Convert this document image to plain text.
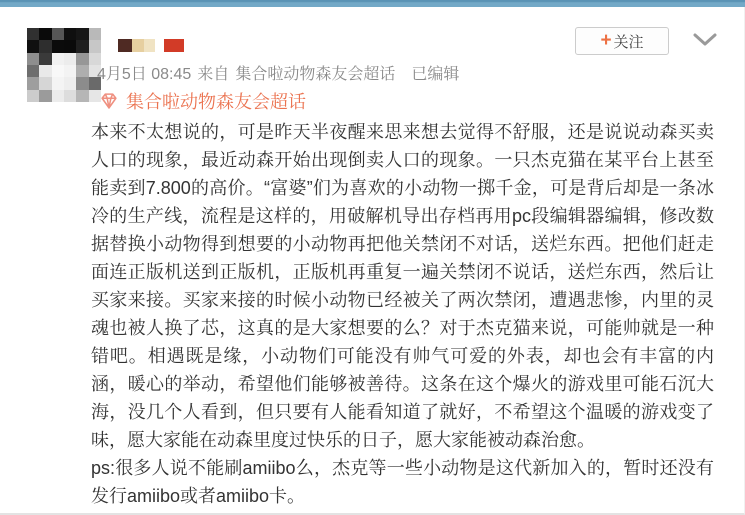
4月5日 08:45 来自 集合啦动物森友会超话 已编辑
集合啦动物森友会超话
+ 关注

本来不太想说的，可是昨天半夜醒来思来想去觉得不舒服，还是说说动森买卖人口的现象，最近动森开始出现倒卖人口的现象。一只杰克猫在某平台上甚至能卖到7.800的高价。“富婆”们为喜欢的小动物一掷千金，可是背后却是一条冰冷的生产线，流程是这样的，用破解机导出存档再用pc段编辑器编辑，修改数据替换小动物得到想要的小动物再把他关禁闭不对话，送烂东西。把他们赶走面连正版机送到正版机，正版机再重复一遍关禁闭不说话，送烂东西，然后让买家来接。买家来接的时候小动物已经被关了两次禁闭，遭遇悲惨，内里的灵魂也被人换了芯，这真的是大家想要的么？对于杰克猫来说，可能帅就是一种错吧。相遇既是缘，小动物们可能没有帅气可爱的外表，却也会有丰富的内涵，暖心的举动，希望他们能够被善待。这条在这个爆火的游戏里可能石沉大海，没几个人看到，但只要有人能看知道了就好，不希望这个温暖的游戏变了味，愿大家能在动森里度过快乐的日子，愿大家能被动森治愈。

ps:很多人说不能刷amiibo么，杰克等一些小动物是这代新加入的，暂时还没有发行amiibo或者amiibo卡。
